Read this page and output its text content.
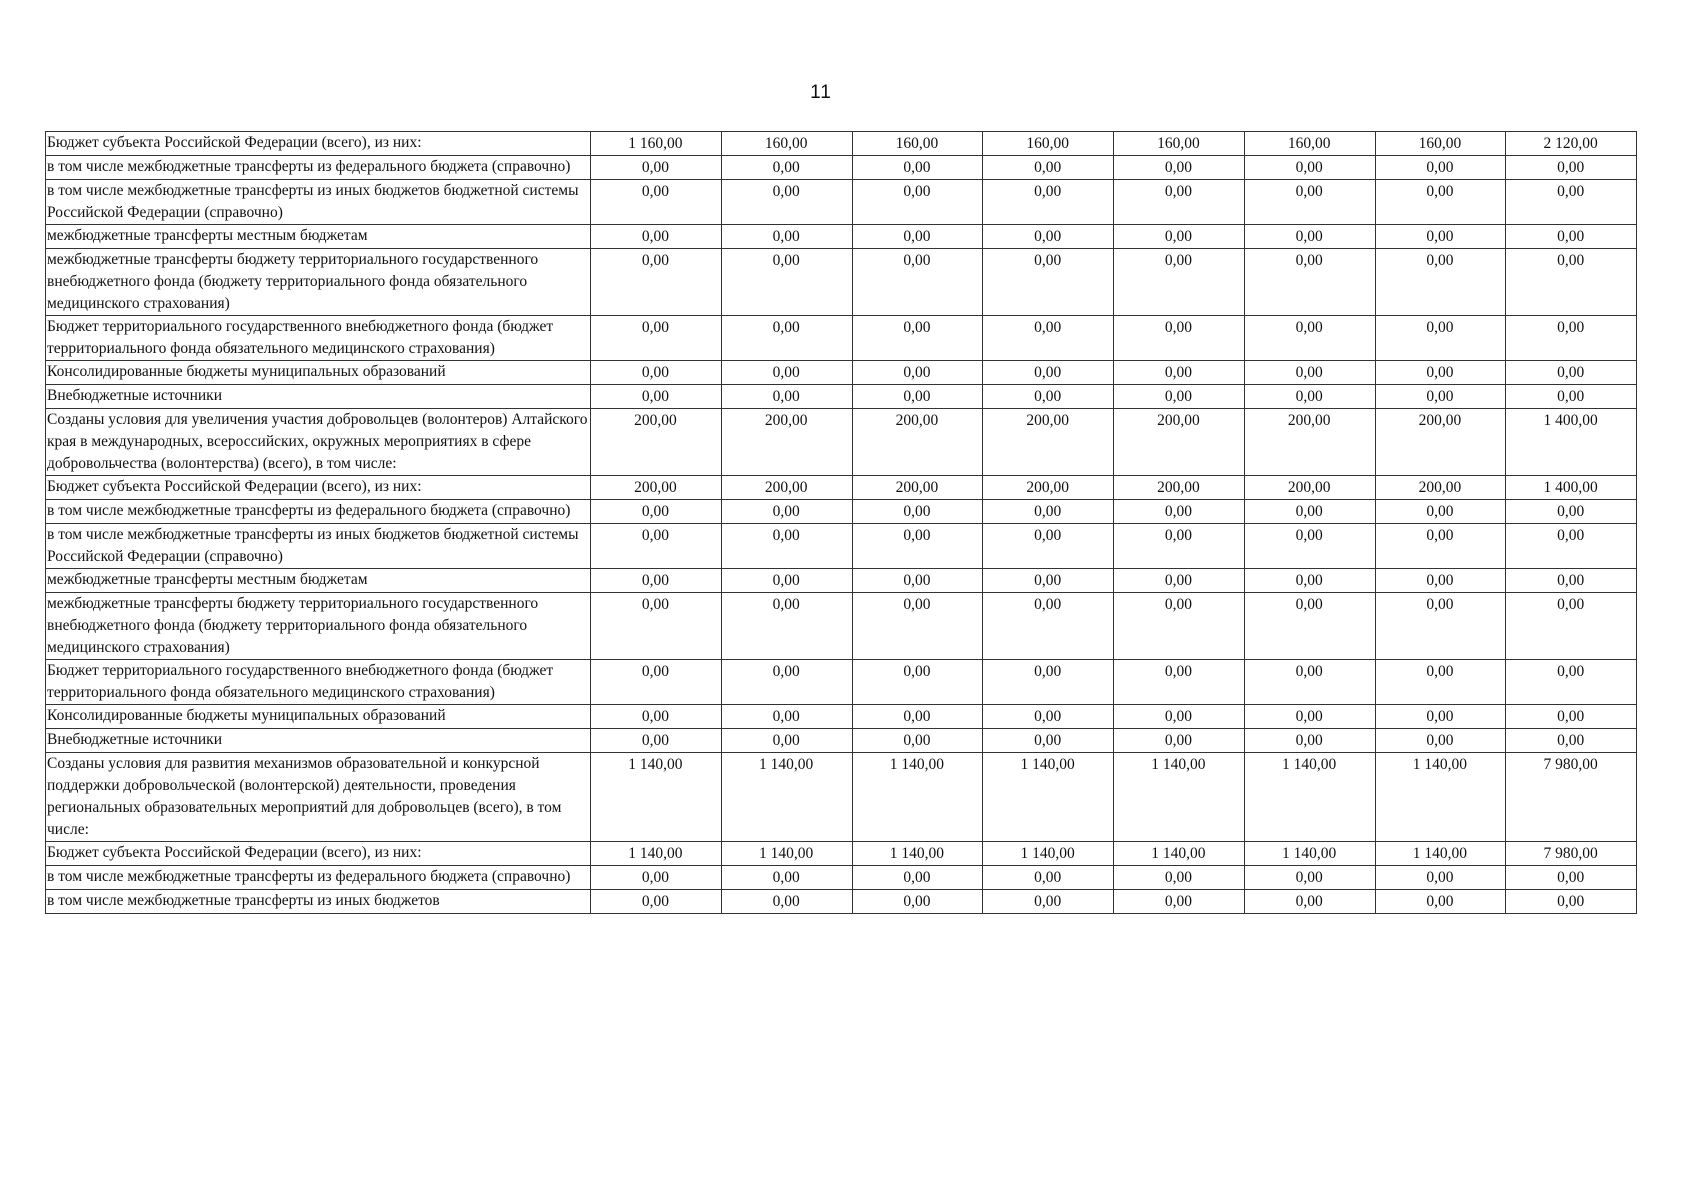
11
Бюджет субъекта Российской Федерации (всего), из них:	1 160,00	160,00	160,00	160,00	160,00	160,00	160,00	2 120,00
в том числе межбюджетные трансферты из федерального бюджета (справочно)	0,00	0,00	0,00	0,00	0,00	0,00	0,00	0,00
в том числе межбюджетные трансферты из иных бюджетов бюджетной системы Российской Федерации (справочно)	0,00	0,00	0,00	0,00	0,00	0,00	0,00	0,00
межбюджетные трансферты местным бюджетам	0,00	0,00	0,00	0,00	0,00	0,00	0,00	0,00
межбюджетные трансферты бюджету территориального государственного внебюджетного фонда (бюджету территориального фонда обязательного медицинского страхования)	0,00	0,00	0,00	0,00	0,00	0,00	0,00	0,00
Бюджет территориального государственного внебюджетного фонда (бюджет территориального фонда обязательного медицинского страхования)	0,00	0,00	0,00	0,00	0,00	0,00	0,00	0,00
Консолидированные бюджеты муниципальных образований	0,00	0,00	0,00	0,00	0,00	0,00	0,00	0,00
Внебюджетные источники	0,00	0,00	0,00	0,00	0,00	0,00	0,00	0,00
Созданы условия для увеличения участия добровольцев (волонтеров) Алтайского края в международных, всероссийских, окружных мероприятиях в сфере добровольчества (волонтерства) (всего), в том числе:	200,00	200,00	200,00	200,00	200,00	200,00	200,00	1 400,00
Бюджет субъекта Российской Федерации (всего), из них:	200,00	200,00	200,00	200,00	200,00	200,00	200,00	1 400,00
в том числе межбюджетные трансферты из федерального бюджета (справочно)	0,00	0,00	0,00	0,00	0,00	0,00	0,00	0,00
в том числе межбюджетные трансферты из иных бюджетов бюджетной системы Российской Федерации (справочно)	0,00	0,00	0,00	0,00	0,00	0,00	0,00	0,00
межбюджетные трансферты местным бюджетам	0,00	0,00	0,00	0,00	0,00	0,00	0,00	0,00
межбюджетные трансферты бюджету территориального государственного внебюджетного фонда (бюджету территориального фонда обязательного медицинского страхования)	0,00	0,00	0,00	0,00	0,00	0,00	0,00	0,00
Бюджет территориального государственного внебюджетного фонда (бюджет территориального фонда обязательного медицинского страхования)	0,00	0,00	0,00	0,00	0,00	0,00	0,00	0,00
Консолидированные бюджеты муниципальных образований	0,00	0,00	0,00	0,00	0,00	0,00	0,00	0,00
Внебюджетные источники	0,00	0,00	0,00	0,00	0,00	0,00	0,00	0,00
Созданы условия для развития механизмов образовательной и конкурсной поддержки добровольческой (волонтерской) деятельности, проведения региональных образовательных мероприятий для добровольцев (всего), в том числе:	1 140,00	1 140,00	1 140,00	1 140,00	1 140,00	1 140,00	1 140,00	7 980,00
Бюджет субъекта Российской Федерации (всего), из них:	1 140,00	1 140,00	1 140,00	1 140,00	1 140,00	1 140,00	1 140,00	7 980,00
в том числе межбюджетные трансферты из федерального бюджета (справочно)	0,00	0,00	0,00	0,00	0,00	0,00	0,00	0,00
в том числе межбюджетные трансферты из иных бюджетов	0,00	0,00	0,00	0,00	0,00	0,00	0,00	0,00
